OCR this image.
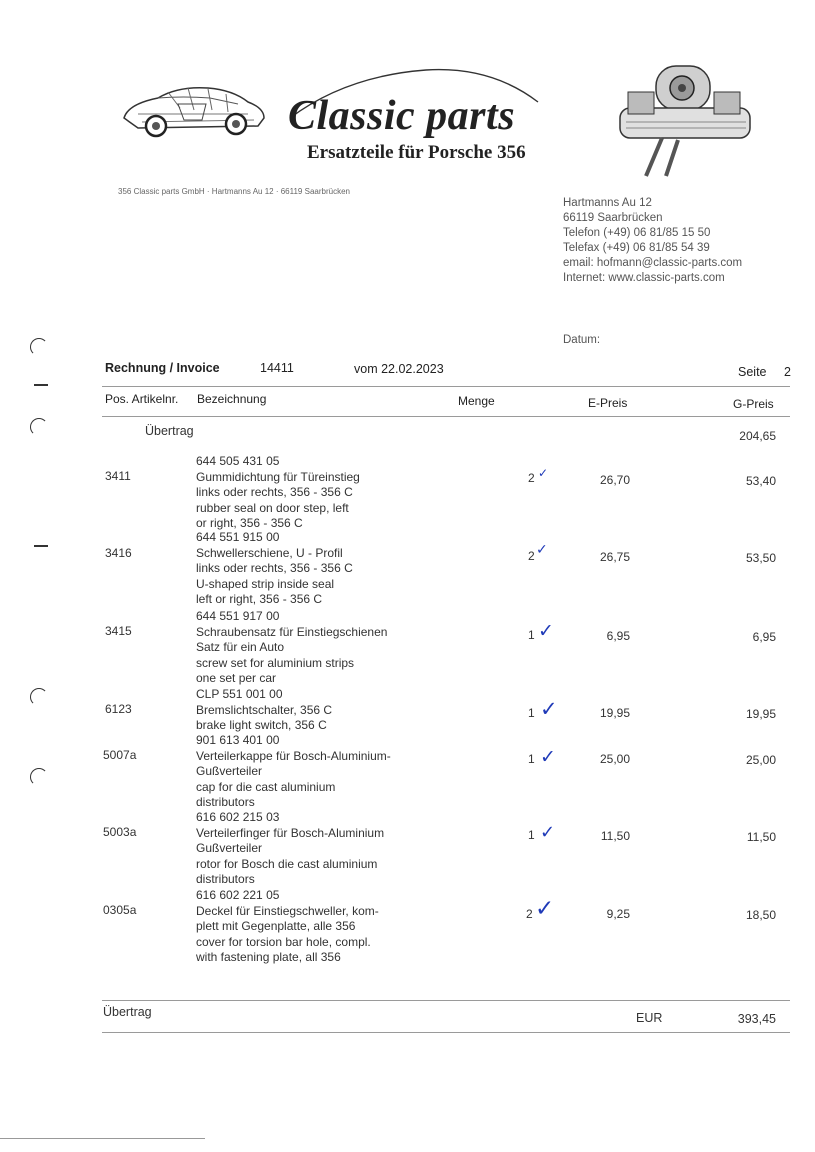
Classic parts
Ersatzteile für Porsche 356
356 Classic parts GmbH · Hartmanns Au 12 · 66119 Saarbrücken
Hartmanns Au 12
66119 Saarbrücken
Telefon (+49) 06 81/85 15 50
Telefax (+49) 06 81/85 54 39
email: hofmann@classic-parts.com
Internet: www.classic-parts.com
Datum:
Rechnung / Invoice	14411	vom 22.02.2023	Seite 2
Pos. Artikelnr. Bezeichnung	Menge	E-Preis	G-Preis
Übertrag	204,65
3411
644 505 431 05
Gummidichtung für Türeinstieg
links oder rechts, 356 - 356 C
rubber seal on door step, left
or right, 356 - 356 C
2 ✓	26,70	53,40
3416
644 551 915 00
Schwellerschiene, U - Profil
links oder rechts, 356 - 356 C
U-shaped strip inside seal
left or right, 356 - 356 C
2 ✓	26,75	53,50
3415
644 551 917 00
Schraubensatz für Einstiegschienen
Satz für ein Auto
screw set for aluminium strips
one set per car
1 ✓	6,95	6,95
6123
CLP 551 001 00
Bremslichtschalter, 356 C
brake light switch, 356 C
1 ✓	19,95	19,95
5007a
901 613 401 00
Verteilerkappe für Bosch-Aluminium-
Gußverteiler
cap for die cast aluminium
distributors
1 ✓	25,00	25,00
5003a
616 602 215 03
Verteilerfinger für Bosch-Aluminium
Gußverteiler
rotor for Bosch die cast aluminium
distributors
1 ✓	11,50	11,50
0305a
616 602 221 05
Deckel für Einstiegschweller, kom-
plett mit Gegenplatte, alle 356
cover for torsion bar hole, compl.
with fastening plate, all 356
2 ✓	9,25	18,50
Übertrag	EUR	393,45
